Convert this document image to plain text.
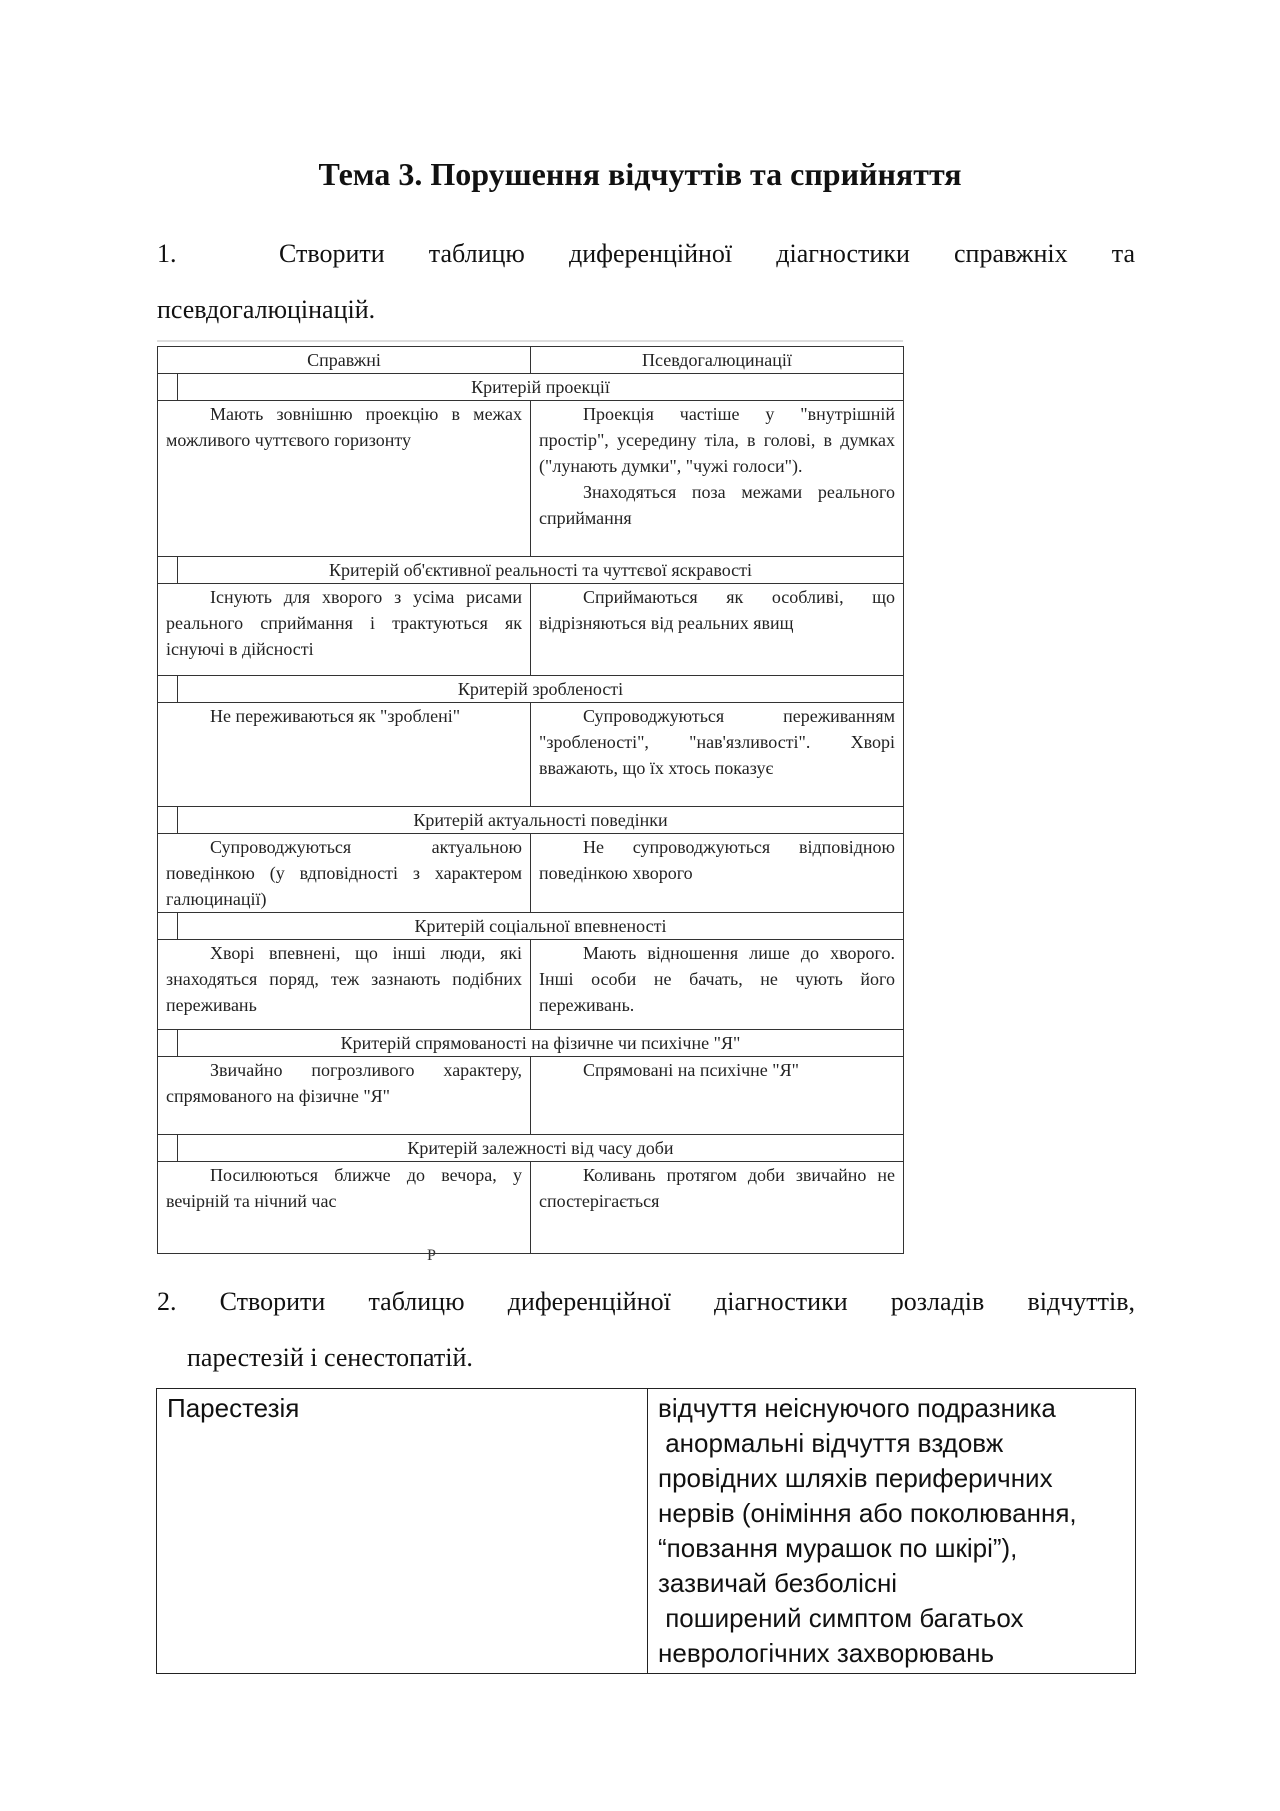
Тема 3. Порушення відчуттів та сприйняття
1.	Створити таблицю диференційної діагностики справжніх та
псевдогалюцінацій.
Справжні		Псевдогалюцинації
	Критерій проекції	

Мають зовнішню проекцію в межах можливого чуттєвого горизонту		Проекція частіше у "внутрішній простір", усередину тіла, в голові, в думках ("лунають думки", "чужі голоси").
Знаходяться поза межами реального сприймання

	Критерій об'єктивної реальності та чуттєвої яскравості	

Існують для хворого з усіма рисами реального сприймання і трактуються як існуючі в дійсності		Сприймаються як особливі, що відрізняються від реальних явищ

	Критерій зробленості	

Не переживаються як "зроблені"		Супроводжуються переживанням "зробленості", "нав'язливості". Хворі вважають, що їх хтось показує

	Критерій актуальності поведінки	

Супроводжуються актуальною поведінкою (у вдповідності з характером галюцинації)		Не супроводжуються відповідною поведінкою хворого

	Критерій соціальної впевненості	

Хворі впевнені, що інші люди, які знаходяться поряд, теж зазнають подібних переживань		Мають відношення лише до хворого. Інші особи не бачать, не чують його переживань.

	Критерій спрямованості на фізичне чи психічне "Я"	

Звичайно погрозливого характеру, спрямованого на фізичне "Я"		Спрямовані на психічне "Я"

	Критерій залежності від часу доби	

Посилюються ближче до вечора, у вечірній та нічний час		Коливань протягом доби звичайно не спостерігається
Р
2. Створити таблицю диференційної діагностики розладів відчуттів,
парестезій і сенестопатій.
Парестезія	відчуття неіснуючого подразника
анормальні відчуття вздовж
провідних шляхів периферичних
нервів (оніміння або поколювання,
“повзання мурашок по шкірі”),
зазвичай безболісні
поширений симптом багатьох
неврологічних захворювань
